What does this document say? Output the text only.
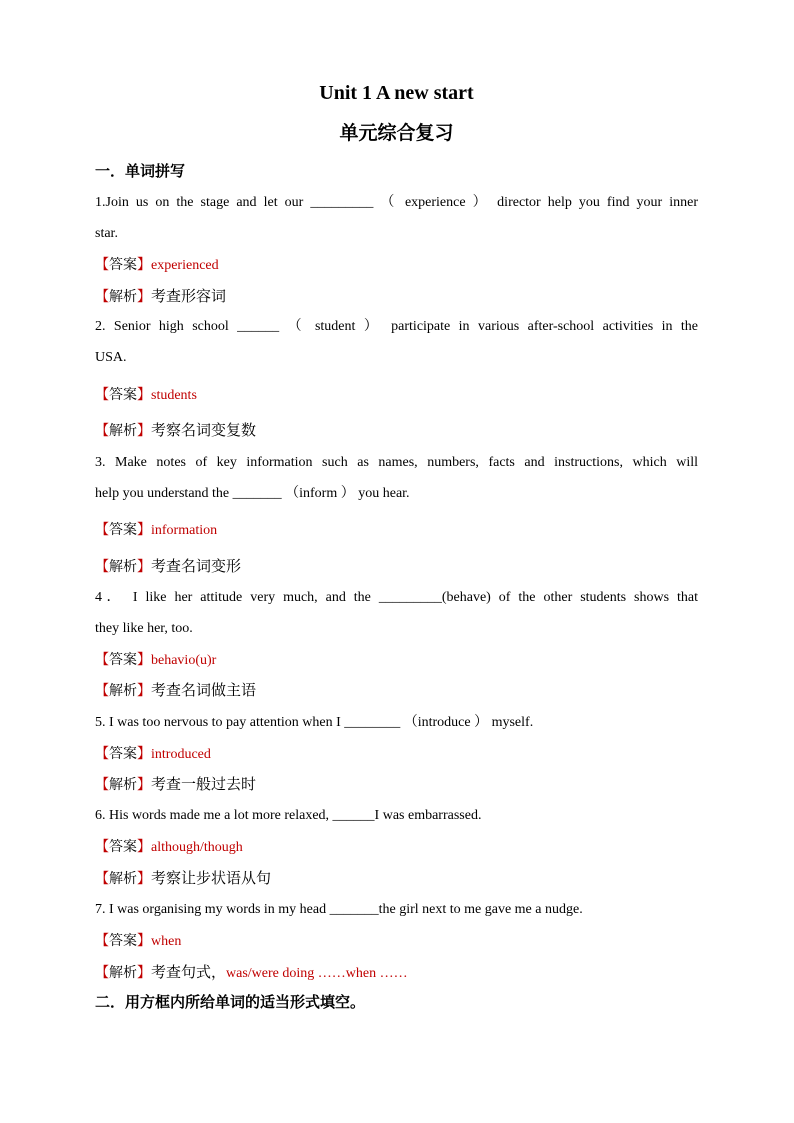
Unit 1 A new start
单元综合复习
一．单词拼写
1.Join us on the stage and let our _________ （ experience ） director help you find your inner
star.
【答案】experienced
【解析】考查形容词
2. Senior high school ______ （ student ） participate in various after-school activities in the
USA.
【答案】students
【解析】考察名词变复数
3. Make notes of key information such as names, numbers, facts and instructions, which will
help you understand the _______ （inform ） you hear.
【答案】information
【解析】考查名词变形
4． I like her attitude very much, and the _________(behave) of the other students shows that
they like her, too.
【答案】behavio(u)r
【解析】考查名词做主语
5. I was too nervous to pay attention when I ________ （introduce ） myself.
【答案】introduced
【解析】考查一般过去时
6. His words made me a lot more relaxed, ______I was embarrassed.
【答案】although/though
【解析】考察让步状语从句
7. I was organising my words in my head _______the girl next to me gave me a nudge.
【答案】when
【解析】考查句式，was/were doing ……when ……
二．用方框内所给单词的适当形式填空。
